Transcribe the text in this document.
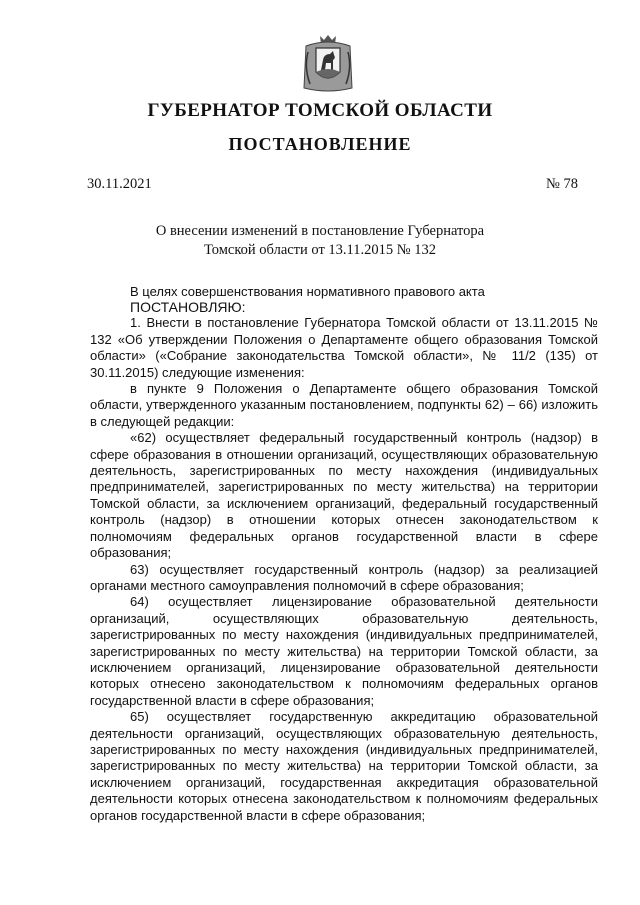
ГУБЕРНАТОР ТОМСКОЙ ОБЛАСТИ
ПОСТАНОВЛЕНИЕ
30.11.2021	№ 78
О внесении изменений в постановление Губернатора
Томской области от 13.11.2015 № 132

В целях совершенствования нормативного правового акта

ПОСТАНОВЛЯЮ:

1. Внести в постановление Губернатора Томской области от 13.11.2015 № 132 «Об утверждении Положения о Департаменте общего образования Томской области» («Собрание законодательства Томской области», № 11/2 (135) от 30.11.2015) следующие изменения:

в пункте 9 Положения о Департаменте общего образования Томской области, утвержденного указанным постановлением, подпункты 62) – 66) изложить в следующей редакции:

«62) осуществляет федеральный государственный контроль (надзор) в сфере образования в отношении организаций, осуществляющих образовательную деятельность, зарегистрированных по месту нахождения (индивидуальных предпринимателей, зарегистрированных по месту жительства) на территории Томской области, за исключением организаций, федеральный государственный контроль (надзор) в отношении которых отнесен законодательством к полномочиям федеральных органов государственной власти в сфере образования;

63) осуществляет государственный контроль (надзор) за реализацией органами местного самоуправления полномочий в сфере образования;

64) осуществляет лицензирование образовательной деятельности организаций, осуществляющих образовательную деятельность, зарегистрированных по месту нахождения (индивидуальных предпринимателей, зарегистрированных по месту жительства) на территории Томской области, за исключением организаций, лицензирование образовательной деятельности которых отнесено законодательством к полномочиям федеральных органов государственной власти в сфере образования;

65) осуществляет государственную аккредитацию образовательной деятельности организаций, осуществляющих образовательную деятельность, зарегистрированных по месту нахождения (индивидуальных предпринимателей, зарегистрированных по месту жительства) на территории Томской области, за исключением организаций, государственная аккредитация образовательной деятельности которых отнесена законодательством к полномочиям федеральных органов государственной власти в сфере образования;
